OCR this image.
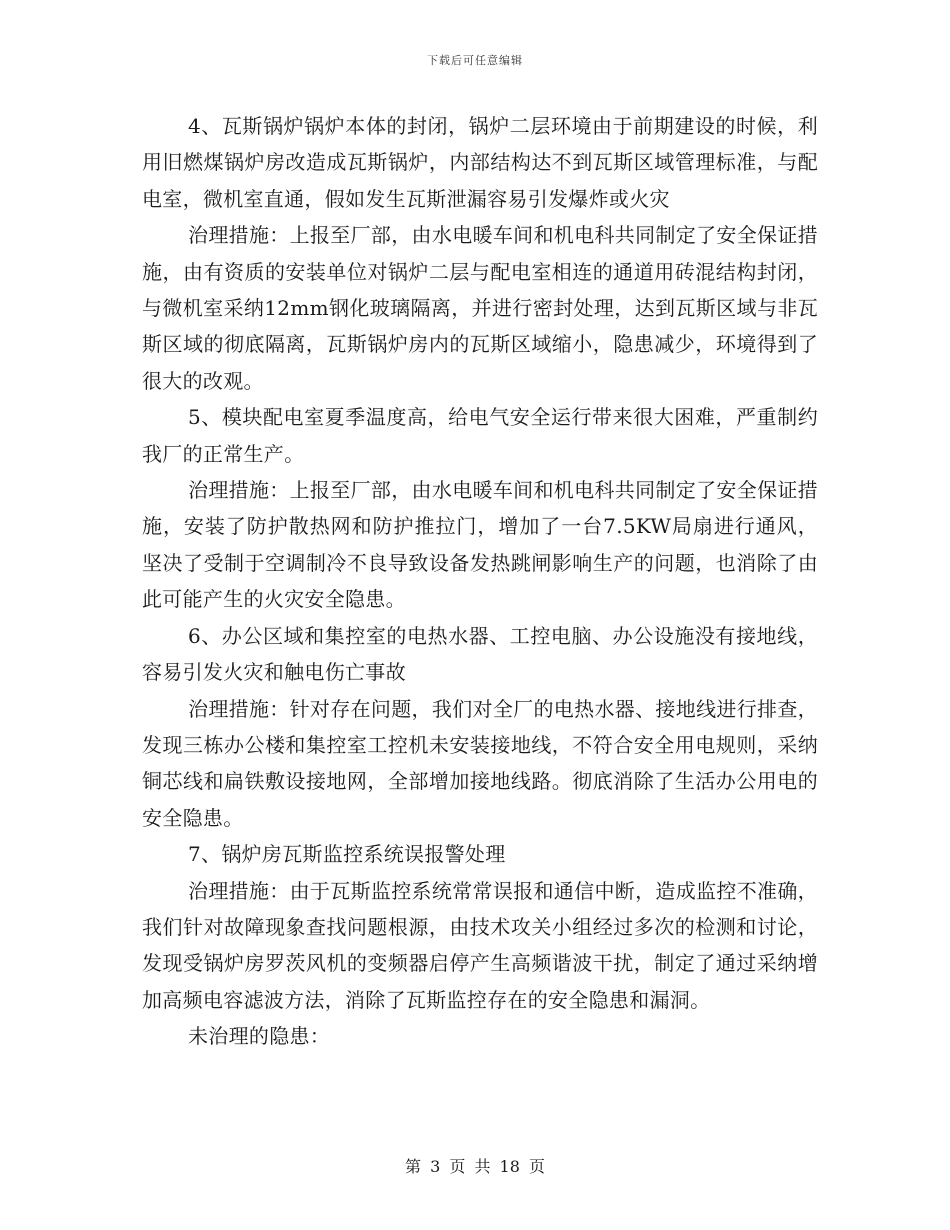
下载后可任意编辑

4、瓦斯锅炉锅炉本体的封闭，锅炉二层环境由于前期建设的时候，利用旧燃煤锅炉房改造成瓦斯锅炉，内部结构达不到瓦斯区域管理标准，与配电室，微机室直通，假如发生瓦斯泄漏容易引发爆炸或火灾

治理措施：上报至厂部，由水电暖车间和机电科共同制定了安全保证措施，由有资质的安装单位对锅炉二层与配电室相连的通道用砖混结构封闭，与微机室采纳12mm钢化玻璃隔离，并进行密封处理，达到瓦斯区域与非瓦斯区域的彻底隔离，瓦斯锅炉房内的瓦斯区域缩小，隐患减少，环境得到了很大的改观。

5、模块配电室夏季温度高，给电气安全运行带来很大困难，严重制约我厂的正常生产。

治理措施：上报至厂部，由水电暖车间和机电科共同制定了安全保证措施，安装了防护散热网和防护推拉门，增加了一台7.5KW局扇进行通风，坚决了受制于空调制冷不良导致设备发热跳闸影响生产的问题，也消除了由此可能产生的火灾安全隐患。

6、办公区域和集控室的电热水器、工控电脑、办公设施没有接地线，容易引发火灾和触电伤亡事故

治理措施：针对存在问题，我们对全厂的电热水器、接地线进行排查，发现三栋办公楼和集控室工控机未安装接地线，不符合安全用电规则，采纳铜芯线和扁铁敷设接地网，全部增加接地线路。彻底消除了生活办公用电的安全隐患。

7、锅炉房瓦斯监控系统误报警处理

治理措施：由于瓦斯监控系统常常误报和通信中断，造成监控不准确，我们针对故障现象查找问题根源，由技术攻关小组经过多次的检测和讨论，发现受锅炉房罗茨风机的变频器启停产生高频谐波干扰，制定了通过采纳增加高频电容滤波方法，消除了瓦斯监控存在的安全隐患和漏洞。

未治理的隐患：

第 3 页 共 18 页
